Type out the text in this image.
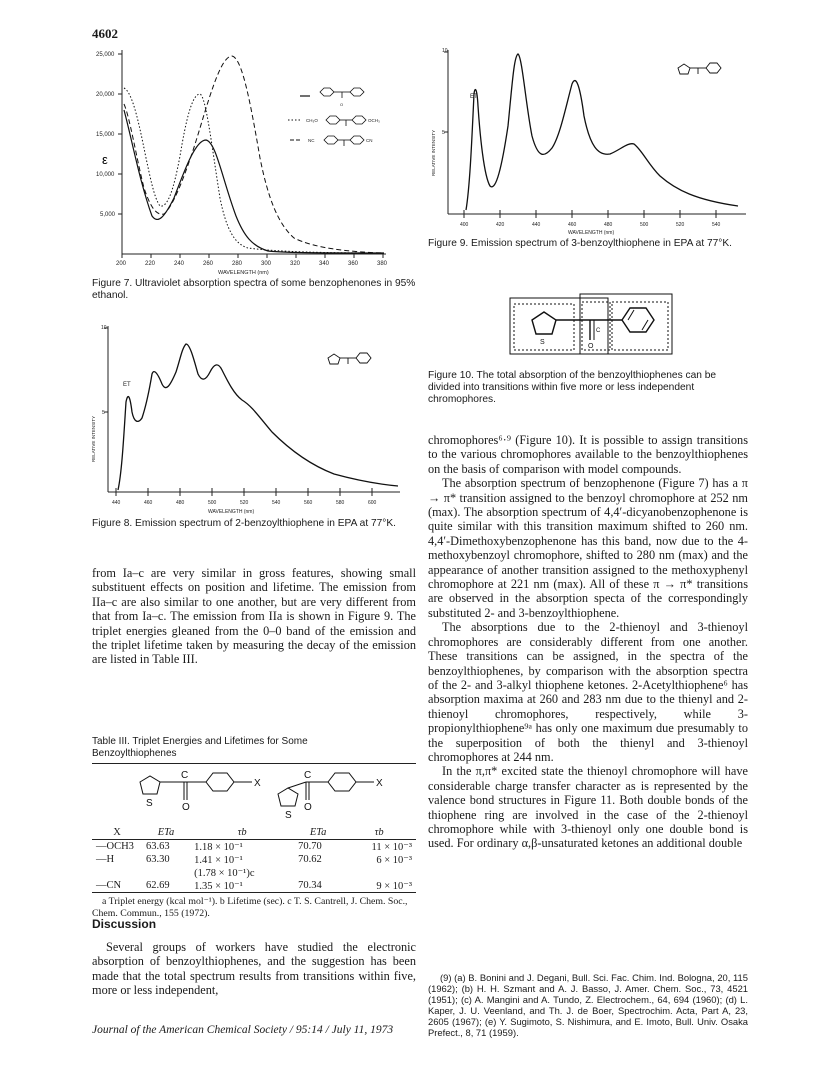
4602
25,000
20,000
15,000
10,000
5,000
200	220	240	260	280	300	320	340	360	380
WAVELENGTH (nm)
ε
CH₃O	OCH₃
NC	CN
O
Figure 7. Ultraviolet absorption spectra of some benzophenones in 95% ethanol.
10
5
400	420	440	460	480	500	520	540
WAVELENGTH (nm)
ET
RELATIVE INTENSITY
Figure 9. Emission spectrum of 3-benzoylthiophene in EPA at 77°K.
S
O
C
Figure 10. The total absorption of the benzoylthiophenes can be divided into transitions within five more or less independent chromophores.
10
5
440	460	480	500	520	540	560	580	600
WAVELENGTH (nm)
ET
RELATIVE INTENSITY
Figure 8. Emission spectrum of 2-benzoylthiophene in EPA at 77°K.

from Ia–c are very similar in gross features, showing small substituent effects on position and lifetime. The emission from IIa–c are also similar to one another, but are very different from that from Ia–c. The emission from IIa is shown in Figure 9. The triplet energies gleaned from the 0–0 band of the emission and the triplet lifetime taken by measuring the decay of the emission are listed in Table III.

Table III. Triplet Energies and Lifetimes for Some Benzoylthiophenes
S	O
C
X
S
O
C
X
X	ETa	τb	ETa	τb
—OCH3	63.63	1.18 × 10⁻¹	70.70	11 × 10⁻³
—H	63.30	1.41 × 10⁻¹	70.62	6 × 10⁻³
		(1.78 × 10⁻¹)c		
—CN	62.69	1.35 × 10⁻¹	70.34	9 × 10⁻³
a Triplet energy (kcal mol⁻¹). b Lifetime (sec). c T. S. Cantrell, J. Chem. Soc., Chem. Commun., 155 (1972).
Discussion

Several groups of workers have studied the electronic absorption of benzoylthiophenes, and the suggestion has been made that the total spectrum results from transitions within five, more or less independent,

chromophores⁶·⁹ (Figure 10). It is possible to assign transitions to the various chromophores available to the benzoylthiophenes on the basis of comparison with model compounds.

The absorption spectrum of benzophenone (Figure 7) has a π → π* transition assigned to the benzoyl chromophore at 252 nm (max). The absorption spectrum of 4,4′-dicyanobenzophenone is quite similar with this transition maximum shifted to 260 nm. 4,4′-Dimethoxybenzophenone has this band, now due to the 4-methoxybenzoyl chromophore, shifted to 280 nm (max) and the appearance of another transition assigned to the methoxyphenyl chromophore at 221 nm (max). All of these π → π* transitions are observed in the absorption specta of the correspondingly substituted 2- and 3-benzoylthiophene.

The absorptions due to the 2-thienoyl and 3-thienoyl chromophores are considerably different from one another. These transitions can be assigned, in the spectra of the benzoylthiophenes, by comparison with the absorption spectra of the 2- and 3-alkyl thiophene ketones. 2-Acetylthiophene⁶ has absorption maxima at 260 and 283 nm due to the thienyl and 2-thienoyl chromophores, respectively, while 3-propionylthiophene⁹ᵃ has only one maximum due presumably to the superposition of both the thienyl and 3-thienoyl chromophores at 244 nm.

In the π,π* excited state the thienoyl chromophore will have considerable charge transfer character as is represented by the valence bond structures in Figure 11. Both double bonds of the thiophene ring are involved in the case of the 2-thienoyl chromophore while with 3-thienoyl only one double bond is used. For ordinary α,β-unsaturated ketones an additional double

(9) (a) B. Bonini and J. Degani, Bull. Sci. Fac. Chim. Ind. Bologna, 20, 115 (1962); (b) H. H. Szmant and A. J. Basso, J. Amer. Chem. Soc., 73, 4521 (1951); (c) A. Mangini and A. Tundo, Z. Electrochem., 64, 694 (1960); (d) L. Kaper, J. U. Veenland, and Th. J. de Boer, Spectrochim. Acta, Part A, 23, 2605 (1967); (e) Y. Sugimoto, S. Nishimura, and E. Imoto, Bull. Univ. Osaka Prefect., 8, 71 (1959).
Journal of the American Chemical Society / 95:14 / July 11, 1973
